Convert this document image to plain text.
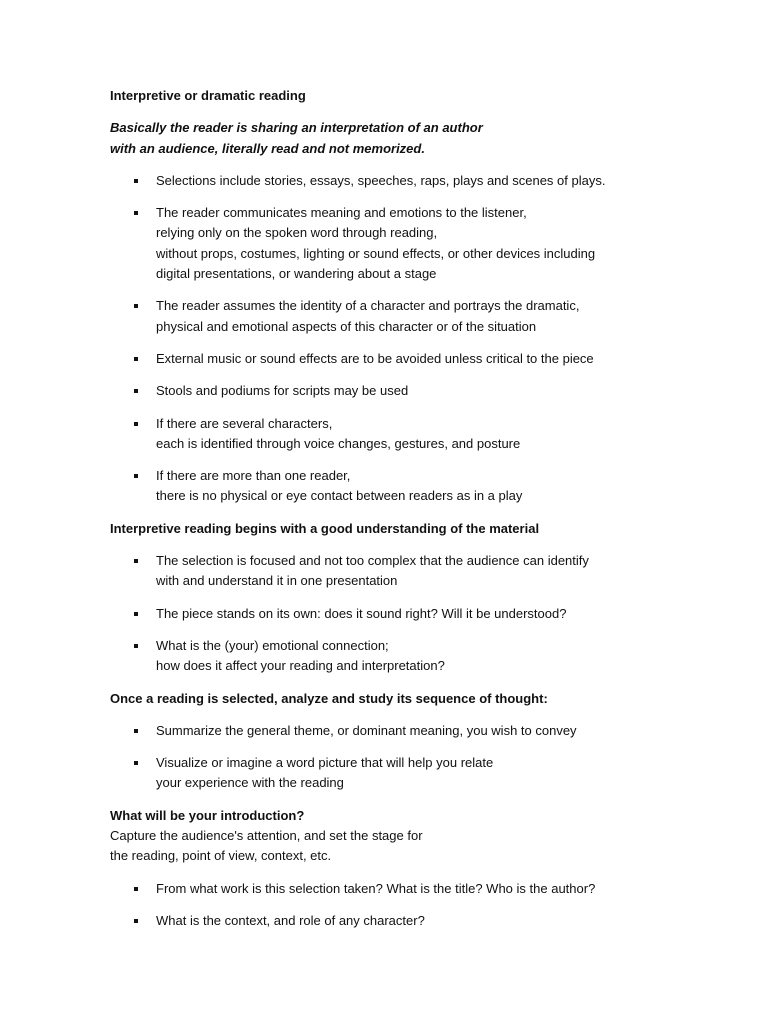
Interpretive or dramatic reading

Basically the reader is sharing an interpretation of an author
with an audience, literally read and not memorized.

Selections include stories, essays, speeches, raps, plays and scenes of plays.
The reader communicates meaning and emotions to the listener,
relying only on the spoken word through reading,
without props, costumes, lighting or sound effects, or other devices including
digital presentations, or wandering about a stage
The reader assumes the identity of a character and portrays the dramatic,
physical and emotional aspects of this character or of the situation
External music or sound effects are to be avoided unless critical to the piece
Stools and podiums for scripts may be used
If there are several characters,
each is identified through voice changes, gestures, and posture
If there are more than one reader,
there is no physical or eye contact between readers as in a play

Interpretive reading begins with a good understanding of the material

The selection is focused and not too complex that the audience can identify
with and understand it in one presentation
The piece stands on its own: does it sound right? Will it be understood?
What is the (your) emotional connection;
how does it affect your reading and interpretation?

Once a reading is selected, analyze and study its sequence of thought:

Summarize the general theme, or dominant meaning, you wish to convey
Visualize or imagine a word picture that will help you relate
your experience with the reading

What will be your introduction?

Capture the audience's attention, and set the stage for
the reading, point of view, context, etc.

From what work is this selection taken? What is the title? Who is the author?
What is the context, and role of any character?
